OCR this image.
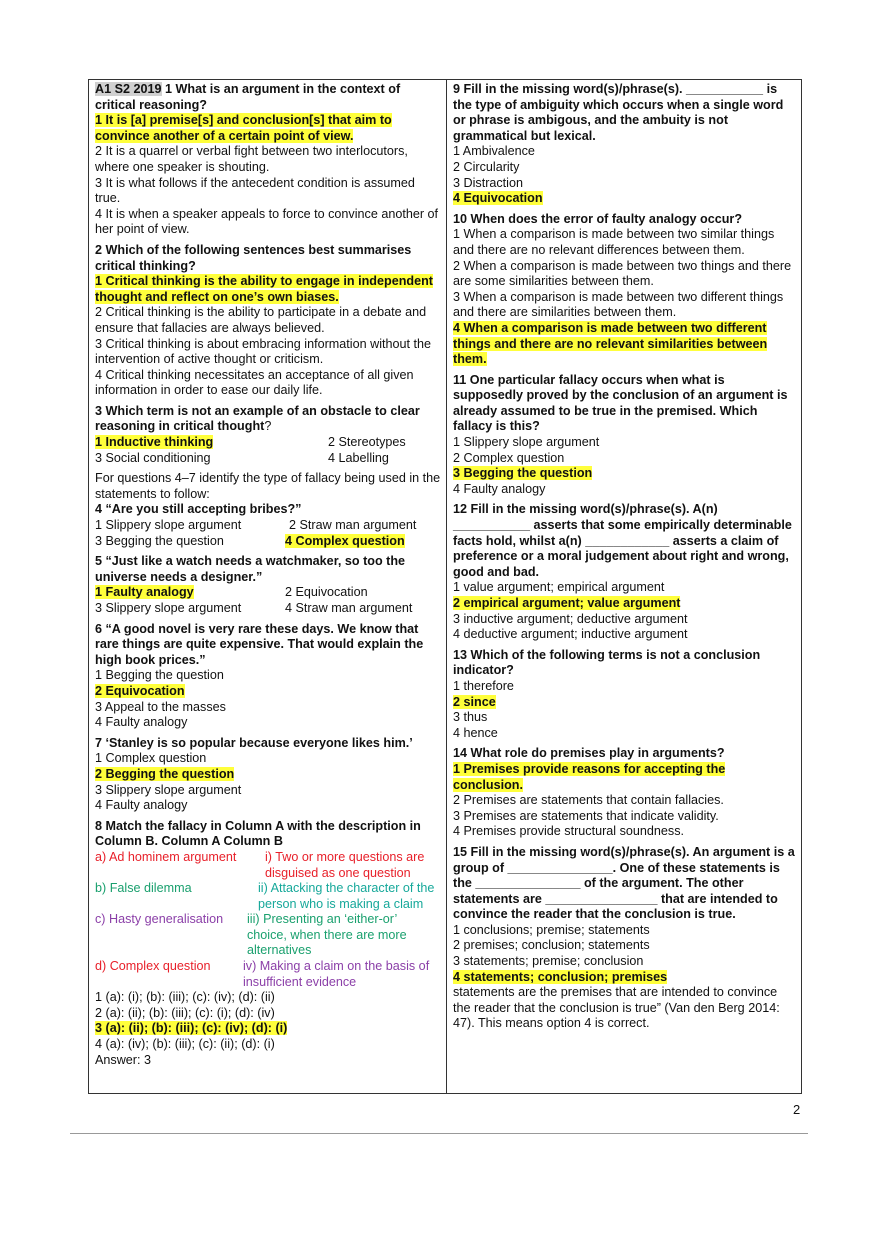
A1 S2 2019 1 What is an argument in the context of critical reasoning?

1 It is [a] premise[s] and conclusion[s] that aim to convince another of a certain point of view.

2 It is a quarrel or verbal fight between two interlocutors, where one speaker is shouting.

3 It is what follows if the antecedent condition is assumed true.

4 It is when a speaker appeals to force to convince another of her point of view.

2 Which of the following sentences best summarises critical thinking?

1 Critical thinking is the ability to engage in independent thought and reflect on one’s own biases.

2 Critical thinking is the ability to participate in a debate and ensure that fallacies are always believed.

3 Critical thinking is about embracing information without the intervention of active thought or criticism.

4 Critical thinking necessitates an acceptance of all given information in order to ease our daily life.

3 Which term is not an example of an obstacle to clear reasoning in critical thought?

1 Inductive thinking	2 Stereotypes
3 Social conditioning	4 Labelling

For questions 4–7 identify the type of fallacy being used in the statements to follow:

4 “Are you still accepting bribes?”

1 Slippery slope argument	2 Straw man argument
3 Begging the question	4 Complex question

5 “Just like a watch needs a watchmaker, so too the universe needs a designer.”

1 Faulty analogy	2 Equivocation
3 Slippery slope argument	4 Straw man argument

6 “A good novel is very rare these days. We know that rare things are quite expensive. That would explain the high book prices.”

1 Begging the question

2 Equivocation

3 Appeal to the masses

4 Faulty analogy

7 ‘Stanley is so popular because everyone likes him.’

1 Complex question

2 Begging the question

3 Slippery slope argument

4 Faulty analogy

8 Match the fallacy in Column A with the description in Column B. Column A Column B

a) Ad hominem argument	i) Two or more questions are disguised as one question
b) False dilemma	ii) Attacking the character of the person who is making a claim
c) Hasty generalisation	iii) Presenting an ‘either-or’ choice, when there are more alternatives
d) Complex question	iv) Making a claim on the basis of insufficient evidence

1 (a): (i); (b): (iii); (c): (iv); (d): (ii)

2 (a): (ii); (b): (iii); (c): (i); (d): (iv)

3 (a): (ii); (b): (iii); (c): (iv); (d): (i)

4 (a): (iv); (b): (iii); (c): (ii); (d): (i)

Answer: 3

9 Fill in the missing word(s)/phrase(s). ___________ is the type of ambiguity which occurs when a single word or phrase is ambigous, and the ambuity is not grammatical but lexical.

1 Ambivalence

2 Circularity

3 Distraction

4 Equivocation

10 When does the error of faulty analogy occur?

1 When a comparison is made between two similar things and there are no relevant differences between them.

2 When a comparison is made between two things and there are some similarities between them.

3 When a comparison is made between two different things and there are similarities between them.

4 When a comparison is made between two different things and there are no relevant similarities between them.

11 One particular fallacy occurs when what is supposedly proved by the conclusion of an argument is already assumed to be true in the premised. Which fallacy is this?

1 Slippery slope argument

2 Complex question

3 Begging the question

4 Faulty analogy

12 Fill in the missing word(s)/phrase(s). A(n) ___________ asserts that some empirically determinable facts hold, whilst a(n) ____________ asserts a claim of preference or a moral judgement about right and wrong, good and bad.

1 value argument; empirical argument

2 empirical argument; value argument

3 inductive argument; deductive argument

4 deductive argument; inductive argument

13 Which of the following terms is not a conclusion indicator?

1 therefore

2 since

3 thus

4 hence

14 What role do premises play in arguments?

1 Premises provide reasons for accepting the conclusion.

2 Premises are statements that contain fallacies.

3 Premises are statements that indicate validity.

4 Premises provide structural soundness.

15 Fill in the missing word(s)/phrase(s). An argument is a group of _______________. One of these statements is the _______________ of the argument. The other statements are ________________ that are intended to convince the reader that the conclusion is true.

1 conclusions; premise; statements

2 premises; conclusion; statements

3 statements; premise; conclusion

4 statements; conclusion; premises

statements are the premises that are intended to convince the reader that the conclusion is true” (Van den Berg 2014: 47). This means option 4 is correct.

2
